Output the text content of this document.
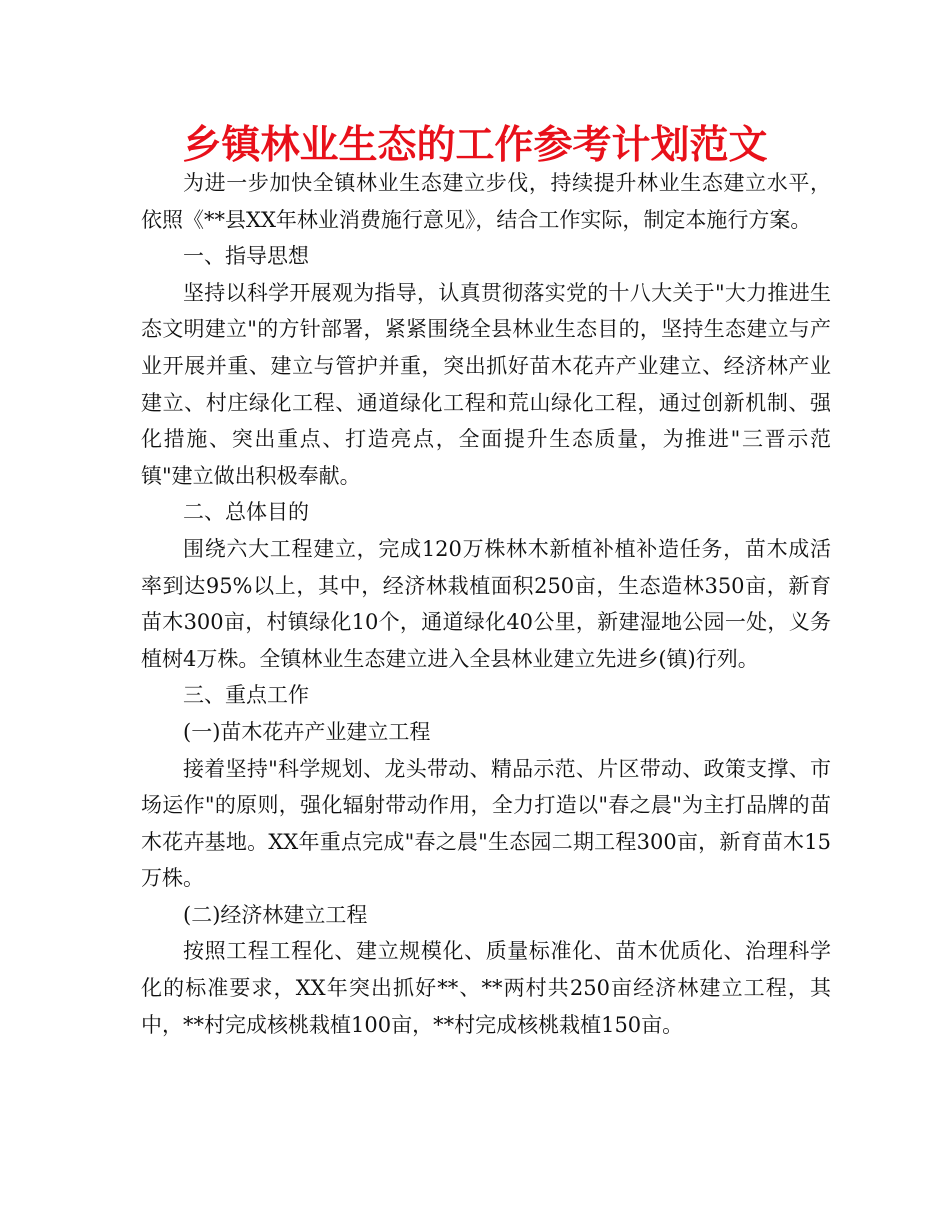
乡镇林业生态的工作参考计划范文

为进一步加快全镇林业生态建立步伐，持续提升林业生态建立水平，依照《**县XX年林业消费施行意见》，结合工作实际，制定本施行方案。

一、指导思想

坚持以科学开展观为指导，认真贯彻落实党的十八大关于"大力推进生态文明建立"的方针部署，紧紧围绕全县林业生态目的，坚持生态建立与产业开展并重、建立与管护并重，突出抓好苗木花卉产业建立、经济林产业建立、村庄绿化工程、通道绿化工程和荒山绿化工程，通过创新机制、强化措施、突出重点、打造亮点，全面提升生态质量，为推进"三晋示范镇"建立做出积极奉献。

二、总体目的

围绕六大工程建立，完成120万株林木新植补植补造任务，苗木成活率到达95%以上，其中，经济林栽植面积250亩，生态造林350亩，新育苗木300亩，村镇绿化10个，通道绿化40公里，新建湿地公园一处，义务植树4万株。全镇林业生态建立进入全县林业建立先进乡(镇)行列。

三、重点工作

(一)苗木花卉产业建立工程

接着坚持"科学规划、龙头带动、精品示范、片区带动、政策支撑、市场运作"的原则，强化辐射带动作用，全力打造以"春之晨"为主打品牌的苗木花卉基地。XX年重点完成"春之晨"生态园二期工程300亩，新育苗木15万株。

(二)经济林建立工程

按照工程工程化、建立规模化、质量标准化、苗木优质化、治理科学化的标准要求，XX年突出抓好**、**两村共250亩经济林建立工程，其中，**村完成核桃栽植100亩，**村完成核桃栽植150亩。
